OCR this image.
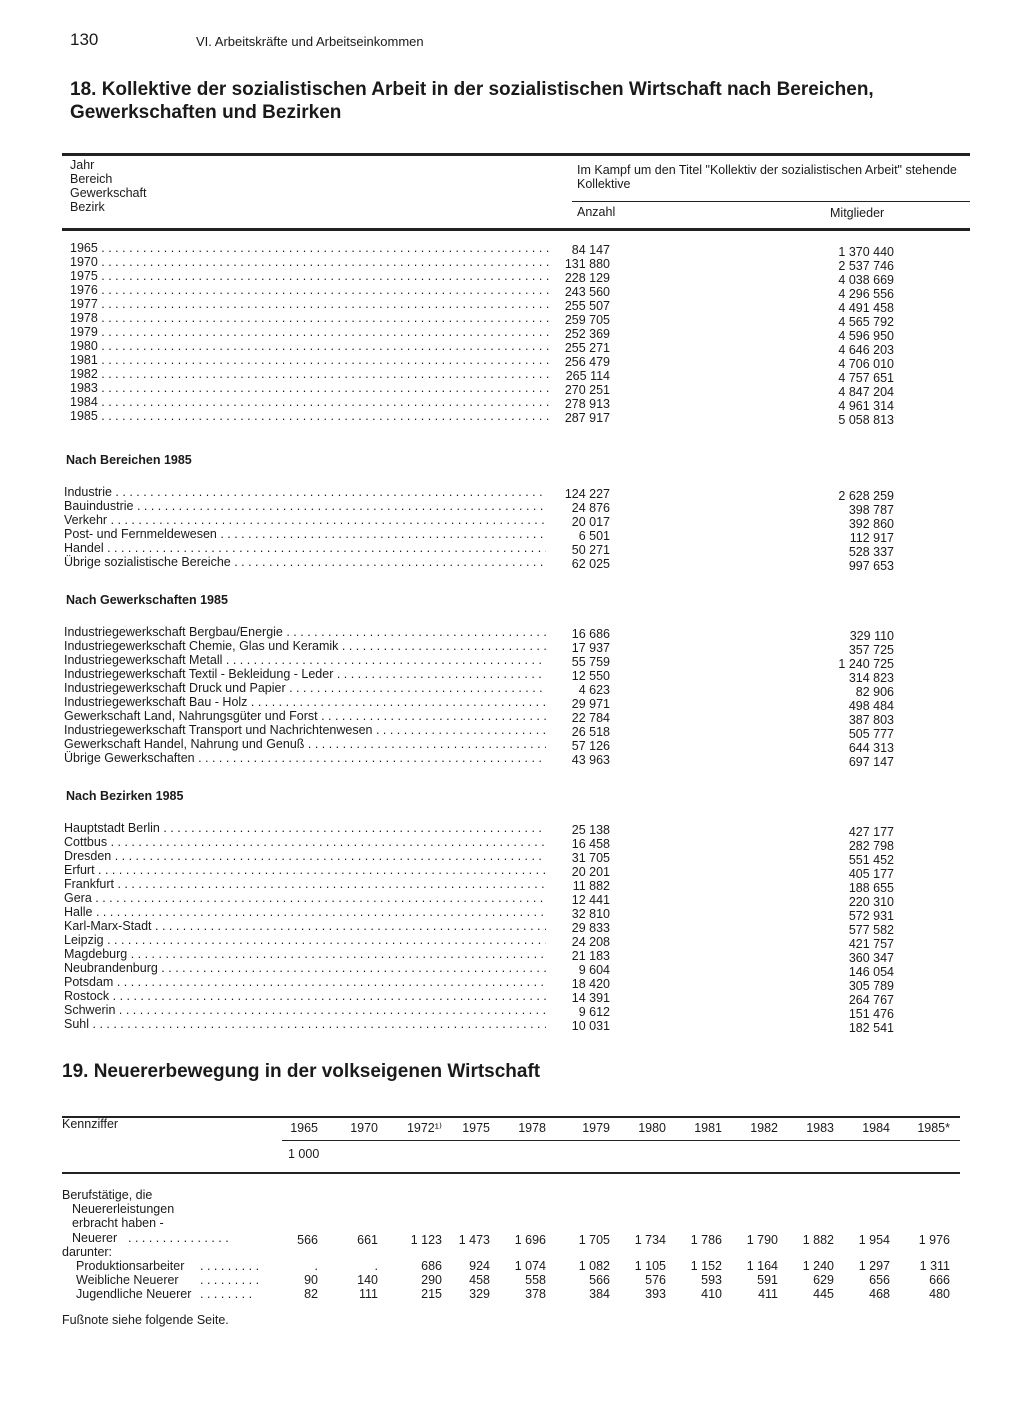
130	VI. Arbeitskräfte und Arbeitseinkommen
18. Kollektive der sozialistischen Arbeit in der sozialistischen Wirtschaft nach Bereichen, Gewerkschaften und Bezirken
Jahr
Bereich
Gewerkschaft
Bezirk
Im Kampf um den Titel "Kollektiv der sozialistischen Arbeit" stehende Kollektive
Anzahl	Mitglieder
1965 . . .	84 147	1 370 440
1970 . . .	131 880	2 537 746
1975 . . .	228 129	4 038 669
1976 . . .	243 560	4 296 556
1977 . . .	255 507	4 491 458
1978 . . .	259 705	4 565 792
1979 . . .	252 369	4 596 950
1980 . . .	255 271	4 646 203
1981 . . .	256 479	4 706 010
1982 . . .	265 114	4 757 651
1983 . . .	270 251	4 847 204
1984 . . .	278 913	4 961 314
1985 . . .	287 917	5 058 813
Nach Bereichen 1985
Industrie . . .	124 227	2 628 259
Bauindustrie . . .	24 876	398 787
Verkehr . . .	20 017	392 860
Post- und Fernmeldewesen . . .	6 501	112 917
Handel . . .	50 271	528 337
Übrige sozialistische Bereiche . . .	62 025	997 653
Nach Gewerkschaften 1985
Industriegewerkschaft Bergbau/Energie . . .	16 686	329 110
Industriegewerkschaft Chemie, Glas und Keramik . . .	17 937	357 725
Industriegewerkschaft Metall . . .	55 759	1 240 725
Industriegewerkschaft Textil - Bekleidung - Leder . . .	12 550	314 823
Industriegewerkschaft Druck und Papier . . .	4 623	82 906
Industriegewerkschaft Bau - Holz . . .	29 971	498 484
Gewerkschaft Land, Nahrungsgüter und Forst . . .	22 784	387 803
Industriegewerkschaft Transport und Nachrichtenwesen . . .	26 518	505 777
Gewerkschaft Handel, Nahrung und Genuß . . .	57 126	644 313
Übrige Gewerkschaften . . .	43 963	697 147
Nach Bezirken 1985
Hauptstadt Berlin . . .	25 138	427 177
Cottbus . . .	16 458	282 798
Dresden . . .	31 705	551 452
Erfurt . . .	20 201	405 177
Frankfurt . . .	11 882	188 655
Gera . . .	12 441	220 310
Halle . . .	32 810	572 931
Karl-Marx-Stadt . . .	29 833	577 582
Leipzig . . .	24 208	421 757
Magdeburg . . .	21 183	360 347
Neubrandenburg . . .	9 604	146 054
Potsdam . . .	18 420	305 789
Rostock . . .	14 391	264 767
Schwerin . . .	9 612	151 476
Suhl . . .	10 031	182 541
19. Neuererbewegung in der volkseigenen Wirtschaft
Kennziffer	1965	1970	1972¹⁾	1975	1978	1979	1980	1981	1982	1983	1984	1985*
1 000
Berufstätige, die
Neuererleistungen
erbracht haben -
Neuerer . . . . . . . . . . . . . . .	566	661	1 123	1 473	1 696	1 705	1 734	1 786	1 790	1 882	1 954	1 976
darunter:
Produktionsarbeiter . . . . . . . . .	.	.	686	924	1 074	1 082	1 105	1 152	1 164	1 240	1 297	1 311
Weibliche Neuerer . . . . . . . . .	90	140	290	458	558	566	576	593	591	629	656	666
Jugendliche Neuerer . . . . . . . .	82	111	215	329	378	384	393	410	411	445	468	480
Fußnote siehe folgende Seite.
